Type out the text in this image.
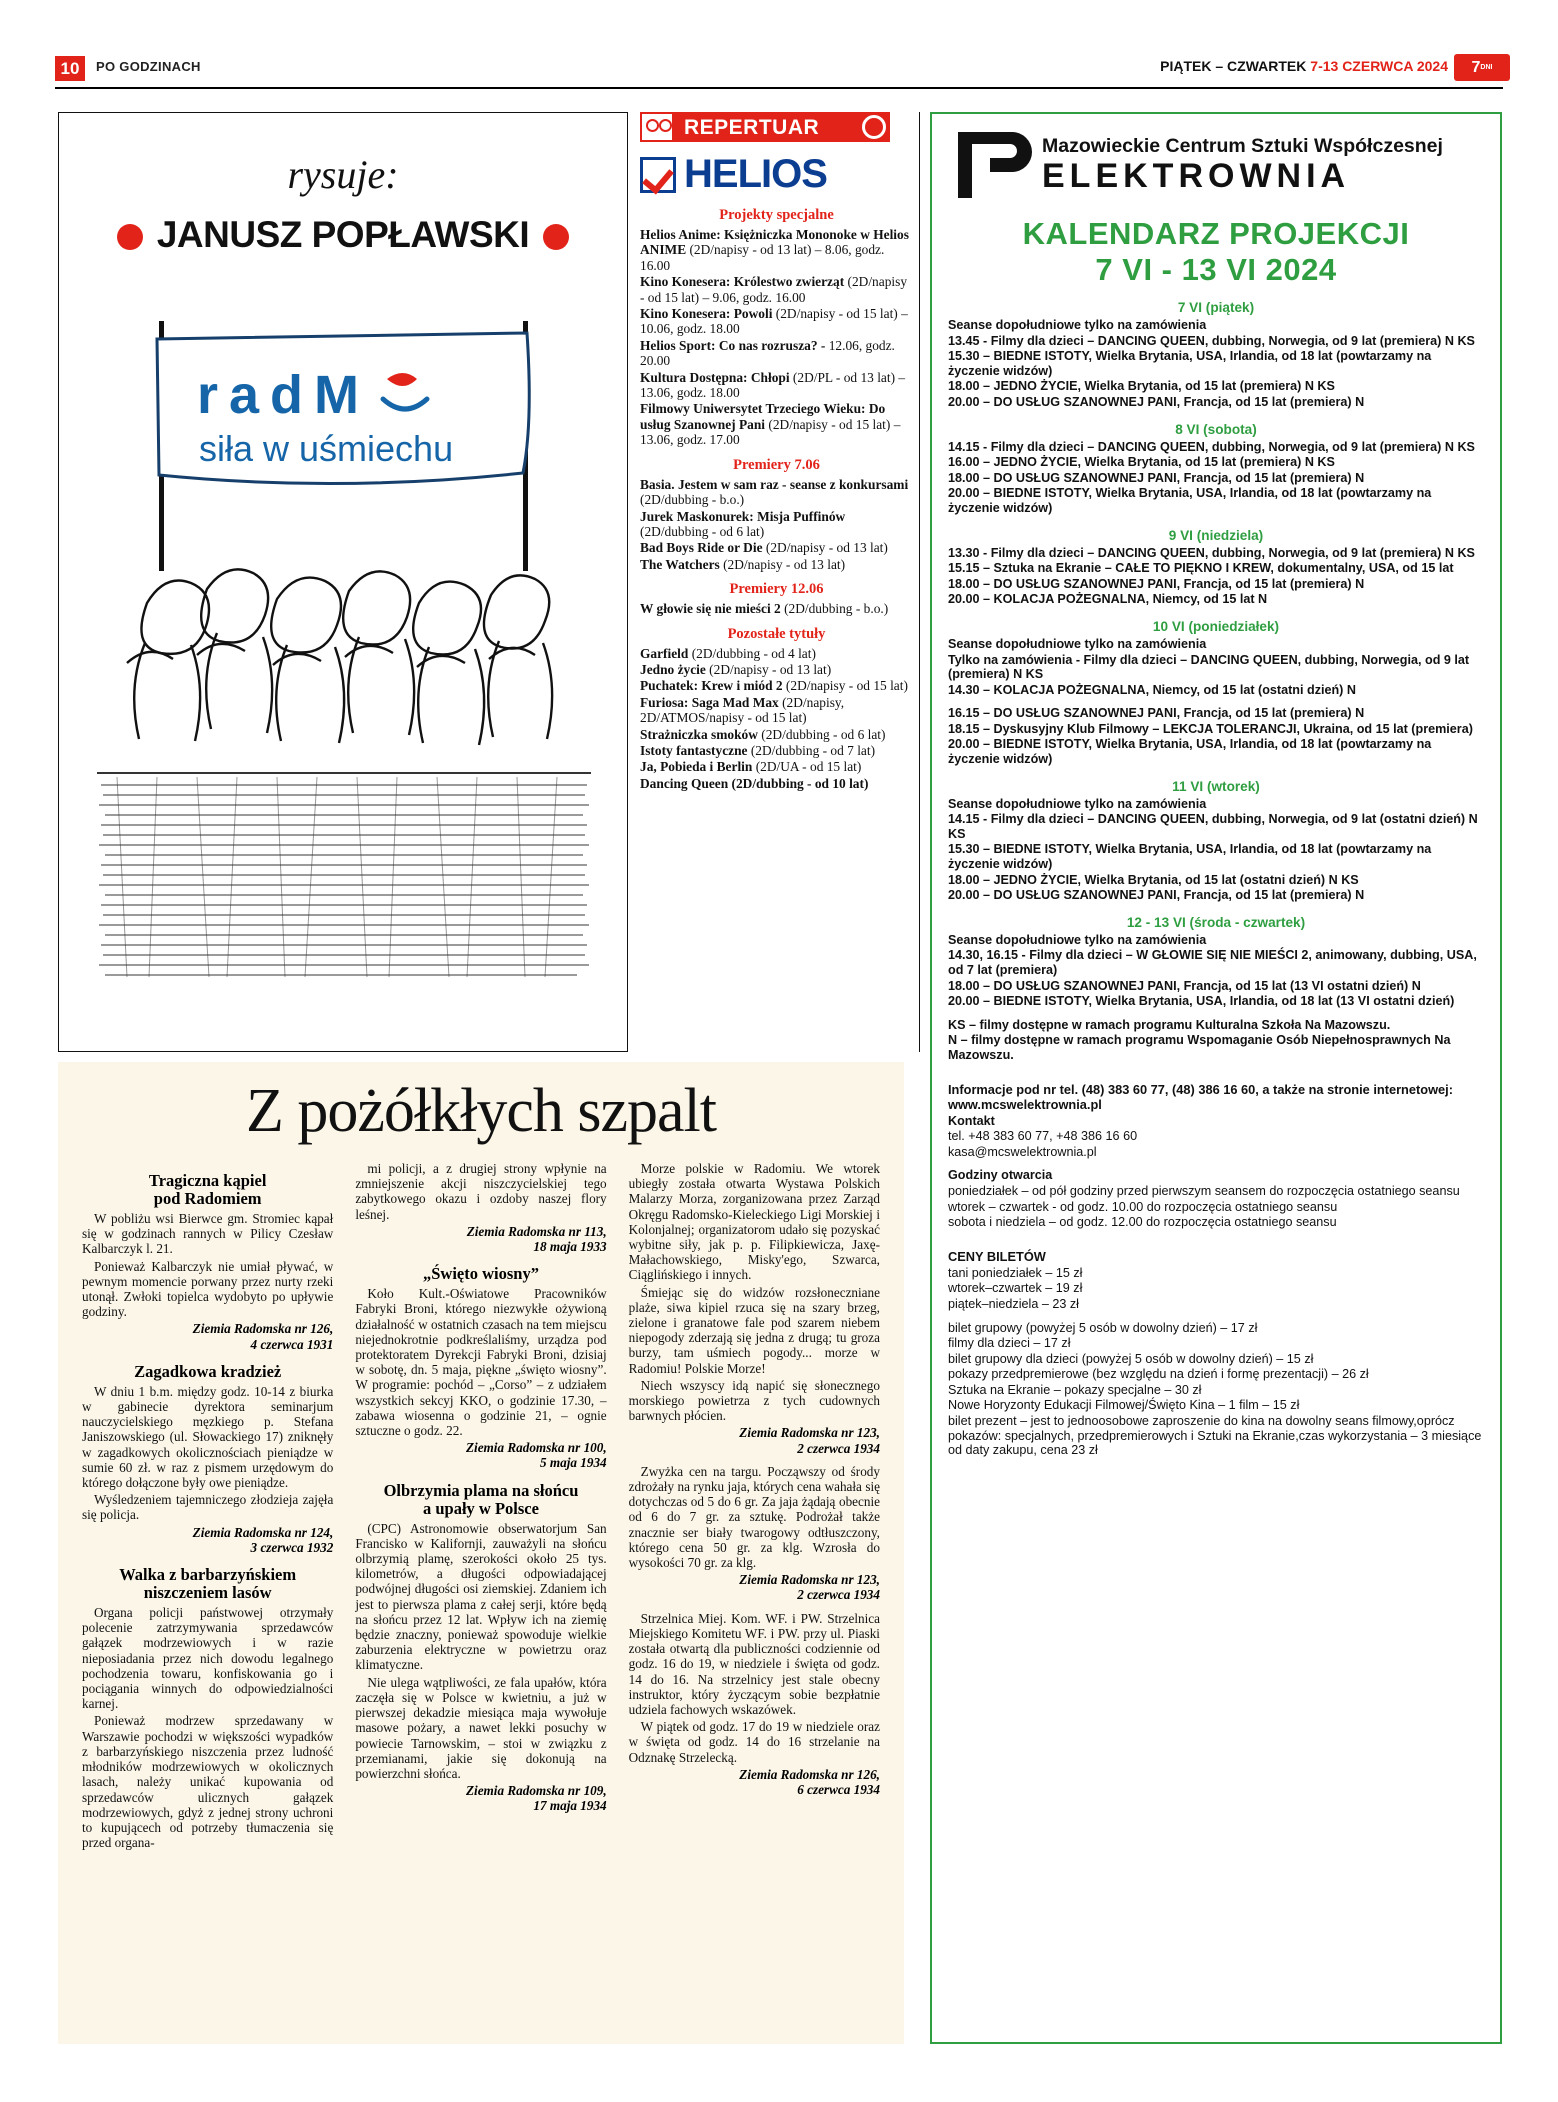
10	PO GODZINACH	PIĄTEK – CZWARTEK 7-13 CZERWCA 2024	$7^{DNI}$
rysuje:
JANUSZ POPŁAWSKI
r a d M
siła w uśmiechu
REPERTUAR
HELIOS
Projekty specjalne
Helios Anime: Księżniczka Mononoke w Helios ANIME (2D/napisy - od 13 lat) – 8.06, godz. 16.00
Kino Konesera: Królestwo zwierząt (2D/napisy - od 15 lat) – 9.06, godz. 16.00
Kino Konesera: Powoli (2D/napisy - od 15 lat) – 10.06, godz. 18.00
Helios Sport: Co nas rozrusza? - 12.06, godz. 20.00
Kultura Dostępna: Chłopi (2D/PL - od 13 lat) – 13.06, godz. 18.00
Filmowy Uniwersytet Trzeciego Wieku: Do usług Szanownej Pani (2D/napisy - od 15 lat) – 13.06, godz. 17.00
Premiery 7.06
Basia. Jestem w sam raz - seanse z konkursami (2D/dubbing - b.o.)
Jurek Maskonurek: Misja Puffinów (2D/dubbing - od 6 lat)
Bad Boys Ride or Die (2D/napisy - od 13 lat)
The Watchers (2D/napisy - od 13 lat)
Premiery 12.06
W głowie się nie mieści 2 (2D/dubbing - b.o.)
Pozostałe tytuły
Garfield (2D/dubbing - od 4 lat)
Jedno życie (2D/napisy - od 13 lat)
Puchatek: Krew i miód 2 (2D/napisy - od 15 lat)
Furiosa: Saga Mad Max (2D/napisy, 2D/ATMOS/napisy - od 15 lat)
Strażniczka smoków (2D/dubbing - od 6 lat)
Istoty fantastyczne (2D/dubbing - od 7 lat)
Ja, Pobieda i Berlin (2D/UA - od 15 lat)
Dancing Queen (2D/dubbing - od 10 lat)
Mazowieckie Centrum Sztuki Współczesnej
ELEKTROWNIA
KALENDARZ PROJEKCJI
7 VI - 13 VI 2024
7 VI (piątek)
Seanse dopołudniowe tylko na zamówienia
13.45 - Filmy dla dzieci – DANCING QUEEN, dubbing, Norwegia, od 9 lat (premiera) N KS
15.30 – BIEDNE ISTOTY, Wielka Brytania, USA, Irlandia, od 18 lat (powtarzamy na życzenie widzów)
18.00 – JEDNO ŻYCIE, Wielka Brytania, od 15 lat (premiera) N KS
20.00 – DO USŁUG SZANOWNEJ PANI, Francja, od 15 lat (premiera) N
8 VI (sobota)
14.15 - Filmy dla dzieci – DANCING QUEEN, dubbing, Norwegia, od 9 lat (premiera) N KS
16.00 – JEDNO ŻYCIE, Wielka Brytania, od 15 lat (premiera) N KS
18.00 – DO USŁUG SZANOWNEJ PANI, Francja, od 15 lat (premiera) N
20.00 – BIEDNE ISTOTY, Wielka Brytania, USA, Irlandia, od 18 lat (powtarzamy na życzenie widzów)
9 VI (niedziela)
13.30 - Filmy dla dzieci – DANCING QUEEN, dubbing, Norwegia, od 9 lat (premiera) N KS
15.15 – Sztuka na Ekranie – CAŁE TO PIĘKNO I KREW, dokumentalny, USA, od 15 lat
18.00 – DO USŁUG SZANOWNEJ PANI, Francja, od 15 lat (premiera) N
20.00 – KOLACJA POŻEGNALNA, Niemcy, od 15 lat N
10 VI (poniedziałek)
Seanse dopołudniowe tylko na zamówienia
Tylko na zamówienia - Filmy dla dzieci – DANCING QUEEN, dubbing, Norwegia, od 9 lat (premiera) N KS
14.30 – KOLACJA POŻEGNALNA, Niemcy, od 15 lat (ostatni dzień) N
16.15 – DO USŁUG SZANOWNEJ PANI, Francja, od 15 lat (premiera) N
18.15 – Dyskusyjny Klub Filmowy – LEKCJA TOLERANCJI, Ukraina, od 15 lat (premiera)
20.00 – BIEDNE ISTOTY, Wielka Brytania, USA, Irlandia, od 18 lat (powtarzamy na życzenie widzów)
11 VI (wtorek)
Seanse dopołudniowe tylko na zamówienia
14.15 - Filmy dla dzieci – DANCING QUEEN, dubbing, Norwegia, od 9 lat (ostatni dzień) N KS
15.30 – BIEDNE ISTOTY, Wielka Brytania, USA, Irlandia, od 18 lat (powtarzamy na życzenie widzów)
18.00 – JEDNO ŻYCIE, Wielka Brytania, od 15 lat (ostatni dzień) N KS
20.00 – DO USŁUG SZANOWNEJ PANI, Francja, od 15 lat (premiera) N
12 - 13 VI (środa - czwartek)
Seanse dopołudniowe tylko na zamówienia
14.30, 16.15 - Filmy dla dzieci – W GŁOWIE SIĘ NIE MIEŚCI 2, animowany, dubbing, USA, od 7 lat (premiera)
18.00 – DO USŁUG SZANOWNEJ PANI, Francja, od 15 lat (13 VI ostatni dzień) N
20.00 – BIEDNE ISTOTY, Wielka Brytania, USA, Irlandia, od 18 lat (13 VI ostatni dzień)
KS – filmy dostępne w ramach programu Kulturalna Szkoła Na Mazowszu.
N – filmy dostępne w ramach programu Wspomaganie Osób Niepełnosprawnych Na Mazowszu.
Informacje pod nr tel. (48) 383 60 77, (48) 386 16 60, a także na stronie internetowej: www.mcswelektrownia.pl
Kontakt
tel. +48 383 60 77, +48 386 16 60
kasa@mcswelektrownia.pl
Godziny otwarcia
poniedziałek – od pół godziny przed pierwszym seansem do rozpoczęcia ostatniego seansu
wtorek – czwartek - od godz. 10.00 do rozpoczęcia ostatniego seansu
sobota i niedziela – od godz. 12.00 do rozpoczęcia ostatniego seansu
CENY BILETÓW
tani poniedziałek – 15 zł
wtorek–czwartek – 19 zł
piątek–niedziela – 23 zł
bilet grupowy (powyżej 5 osób w dowolny dzień) – 17 zł
filmy dla dzieci – 17 zł
bilet grupowy dla dzieci (powyżej 5 osób w dowolny dzień) – 15 zł
pokazy przedpremierowe (bez względu na dzień i formę prezentacji) – 26 zł
Sztuka na Ekranie – pokazy specjalne – 30 zł
Nowe Horyzonty Edukacji Filmowej/Święto Kina – 1 film – 15 zł
bilet prezent – jest to jednoosobowe zaproszenie do kina na dowolny seans filmowy,oprócz pokazów: specjalnych, przedpremierowych i Sztuki na Ekranie,czas wykorzystania – 3 miesiące od daty zakupu, cena 23 zł
Z pożółkłych szpalt
Tragiczna kąpiel
pod Radomiem

W pobliżu wsi Bierwce gm. Stromiec kąpał się w godzinach rannych w Pilicy Czesław Kalbarczyk l. 21.

Ponieważ Kalbarczyk nie umiał pływać, w pewnym momencie porwany przez nurty rzeki utonął. Zwłoki topielca wydobyto po upływie godziny.

Ziemia Radomska nr 126,
4 czerwca 1931
Zagadkowa kradzież

W dniu 1 b.m. między godz. 10-14 z biurka w gabinecie dyrektora seminarjum nauczycielskiego męzkiego p. Stefana Janiszowskiego (ul. Słowackiego 17) zniknęły w zagadkowych okolicznościach pieniądze w sumie 60 zł. w raz z pismem urzędowym do którego dołączone były owe pieniądze.

Wyśledzeniem tajemniczego złodzieja zajęła się policja.

Ziemia Radomska nr 124,
3 czerwca 1932
Walka z barbarzyńskiem
niszczeniem lasów

Organa policji państwowej otrzymały polecenie zatrzymywania sprzedawców gałązek modrzewiowych i w razie nieposiadania przez nich dowodu legalnego pochodzenia towaru, konfiskowania go i pociągania winnych do odpowiedzialności karnej.

Ponieważ modrzew sprzedawany w Warszawie pochodzi w większości wypadków z barbarzyńskiego niszczenia przez ludność młodników modrzewiowych w okolicznych lasach, należy unikać kupowania od sprzedawców ulicznych gałązek modrzewiowych, gdyż z jednej strony uchroni to kupującech od potrzeby tłumaczenia się przed organa-

mi policji, a z drugiej strony wpłynie na zmniejszenie akcji niszczycielskiej tego zabytkowego okazu i ozdoby naszej flory leśnej.

Ziemia Radomska nr 113,
18 maja 1933
„Święto wiosny”

Koło Kult.-Oświatowe Pracowników Fabryki Broni, którego niezwykłe ożywioną działalność w ostatnich czasach na tem miejscu niejednokrotnie podkreślaliśmy, urządza pod protektoratem Dyrekcji Fabryki Broni, dzisiaj w sobotę, dn. 5 maja, piękne „święto wiosny”. W programie: pochód – „Corso” – z udziałem wszystkich sekcyj KKO, o godzinie 17.30, – zabawa wiosenna o godzinie 21, – ognie sztuczne o godz. 22.

Ziemia Radomska nr 100,
5 maja 1934
Olbrzymia plama na słońcu
a upały w Polsce

(CPC) Astronomowie obserwatorjum San Francisko w Kalifornji, zauważyli na słońcu olbrzymią plamę, szerokości około 25 tys. kilometrów, a długości odpowiadającej podwójnej długości osi ziemskiej. Zdaniem ich jest to pierwsza plama z całej serji, które będą na słońcu przez 12 lat. Wpływ ich na ziemię będzie znaczny, ponieważ spowoduje wielkie zaburzenia elektryczne w powietrzu oraz klimatyczne.

Nie ulega wątpliwości, ze fala upałów, która zaczęła się w Polsce w kwietniu, a już w pierwszej dekadzie miesiąca maja wywołuje masowe pożary, a nawet lekki posuchy w powiecie Tarnowskim, – stoi w związku z przemianami, jakie się dokonują na powierzchni słońca.

Ziemia Radomska nr 109,
17 maja 1934

Morze polskie w Radomiu. We wtorek ubiegły została otwarta Wystawa Polskich Malarzy Morza, zorganizowana przez Zarząd Okręgu Radomsko-Kieleckiego Ligi Morskiej i Kolonjalnej; organizatorom udało się pozyskać wybitne siły, jak p. p. Filipkiewicza, Jaxę-Małachowskiego, Misky'ego, Szwarca, Ciąglińskiego i innych.

Śmiejąc się do widzów rozsłoneczniane plaże, siwa kipiel rzuca się na szary brzeg, zielone i granatowe fale pod szarem niebem niepogody zderzają się jedna z drugą; tu groza burzy, tam uśmiech pogody... morze w Radomiu! Polskie Morze!

Niech wszyscy idą napić się słonecznego morskiego powietrza z tych cudownych barwnych płócien.

Ziemia Radomska nr 123,
2 czerwca 1934

Zwyżka cen na targu. Począwszy od środy zdrożały na rynku jaja, których cena wahała się dotychczas od 5 do 6 gr. Za jaja żądają obecnie od 6 do 7 gr. za sztukę. Podrożał także znacznie ser biały twarogowy odtłuszczony, którego cena 50 gr. za klg. Wzrosła do wysokości 70 gr. za klg.

Ziemia Radomska nr 123,
2 czerwca 1934

Strzelnica Miej. Kom. WF. i PW. Strzelnica Miejskiego Komitetu WF. i PW. przy ul. Piaski została otwartą dla publiczności codziennie od godz. 16 do 19, w niedziele i święta od godz. 14 do 16. Na strzelnicy jest stale obecny instruktor, który życzącym sobie bezpłatnie udziela fachowych wskazówek.

W piątek od godz. 17 do 19 w niedziele oraz w święta od godz. 14 do 16 strzelanie na Odznakę Strzelecką.

Ziemia Radomska nr 126,
6 czerwca 1934
